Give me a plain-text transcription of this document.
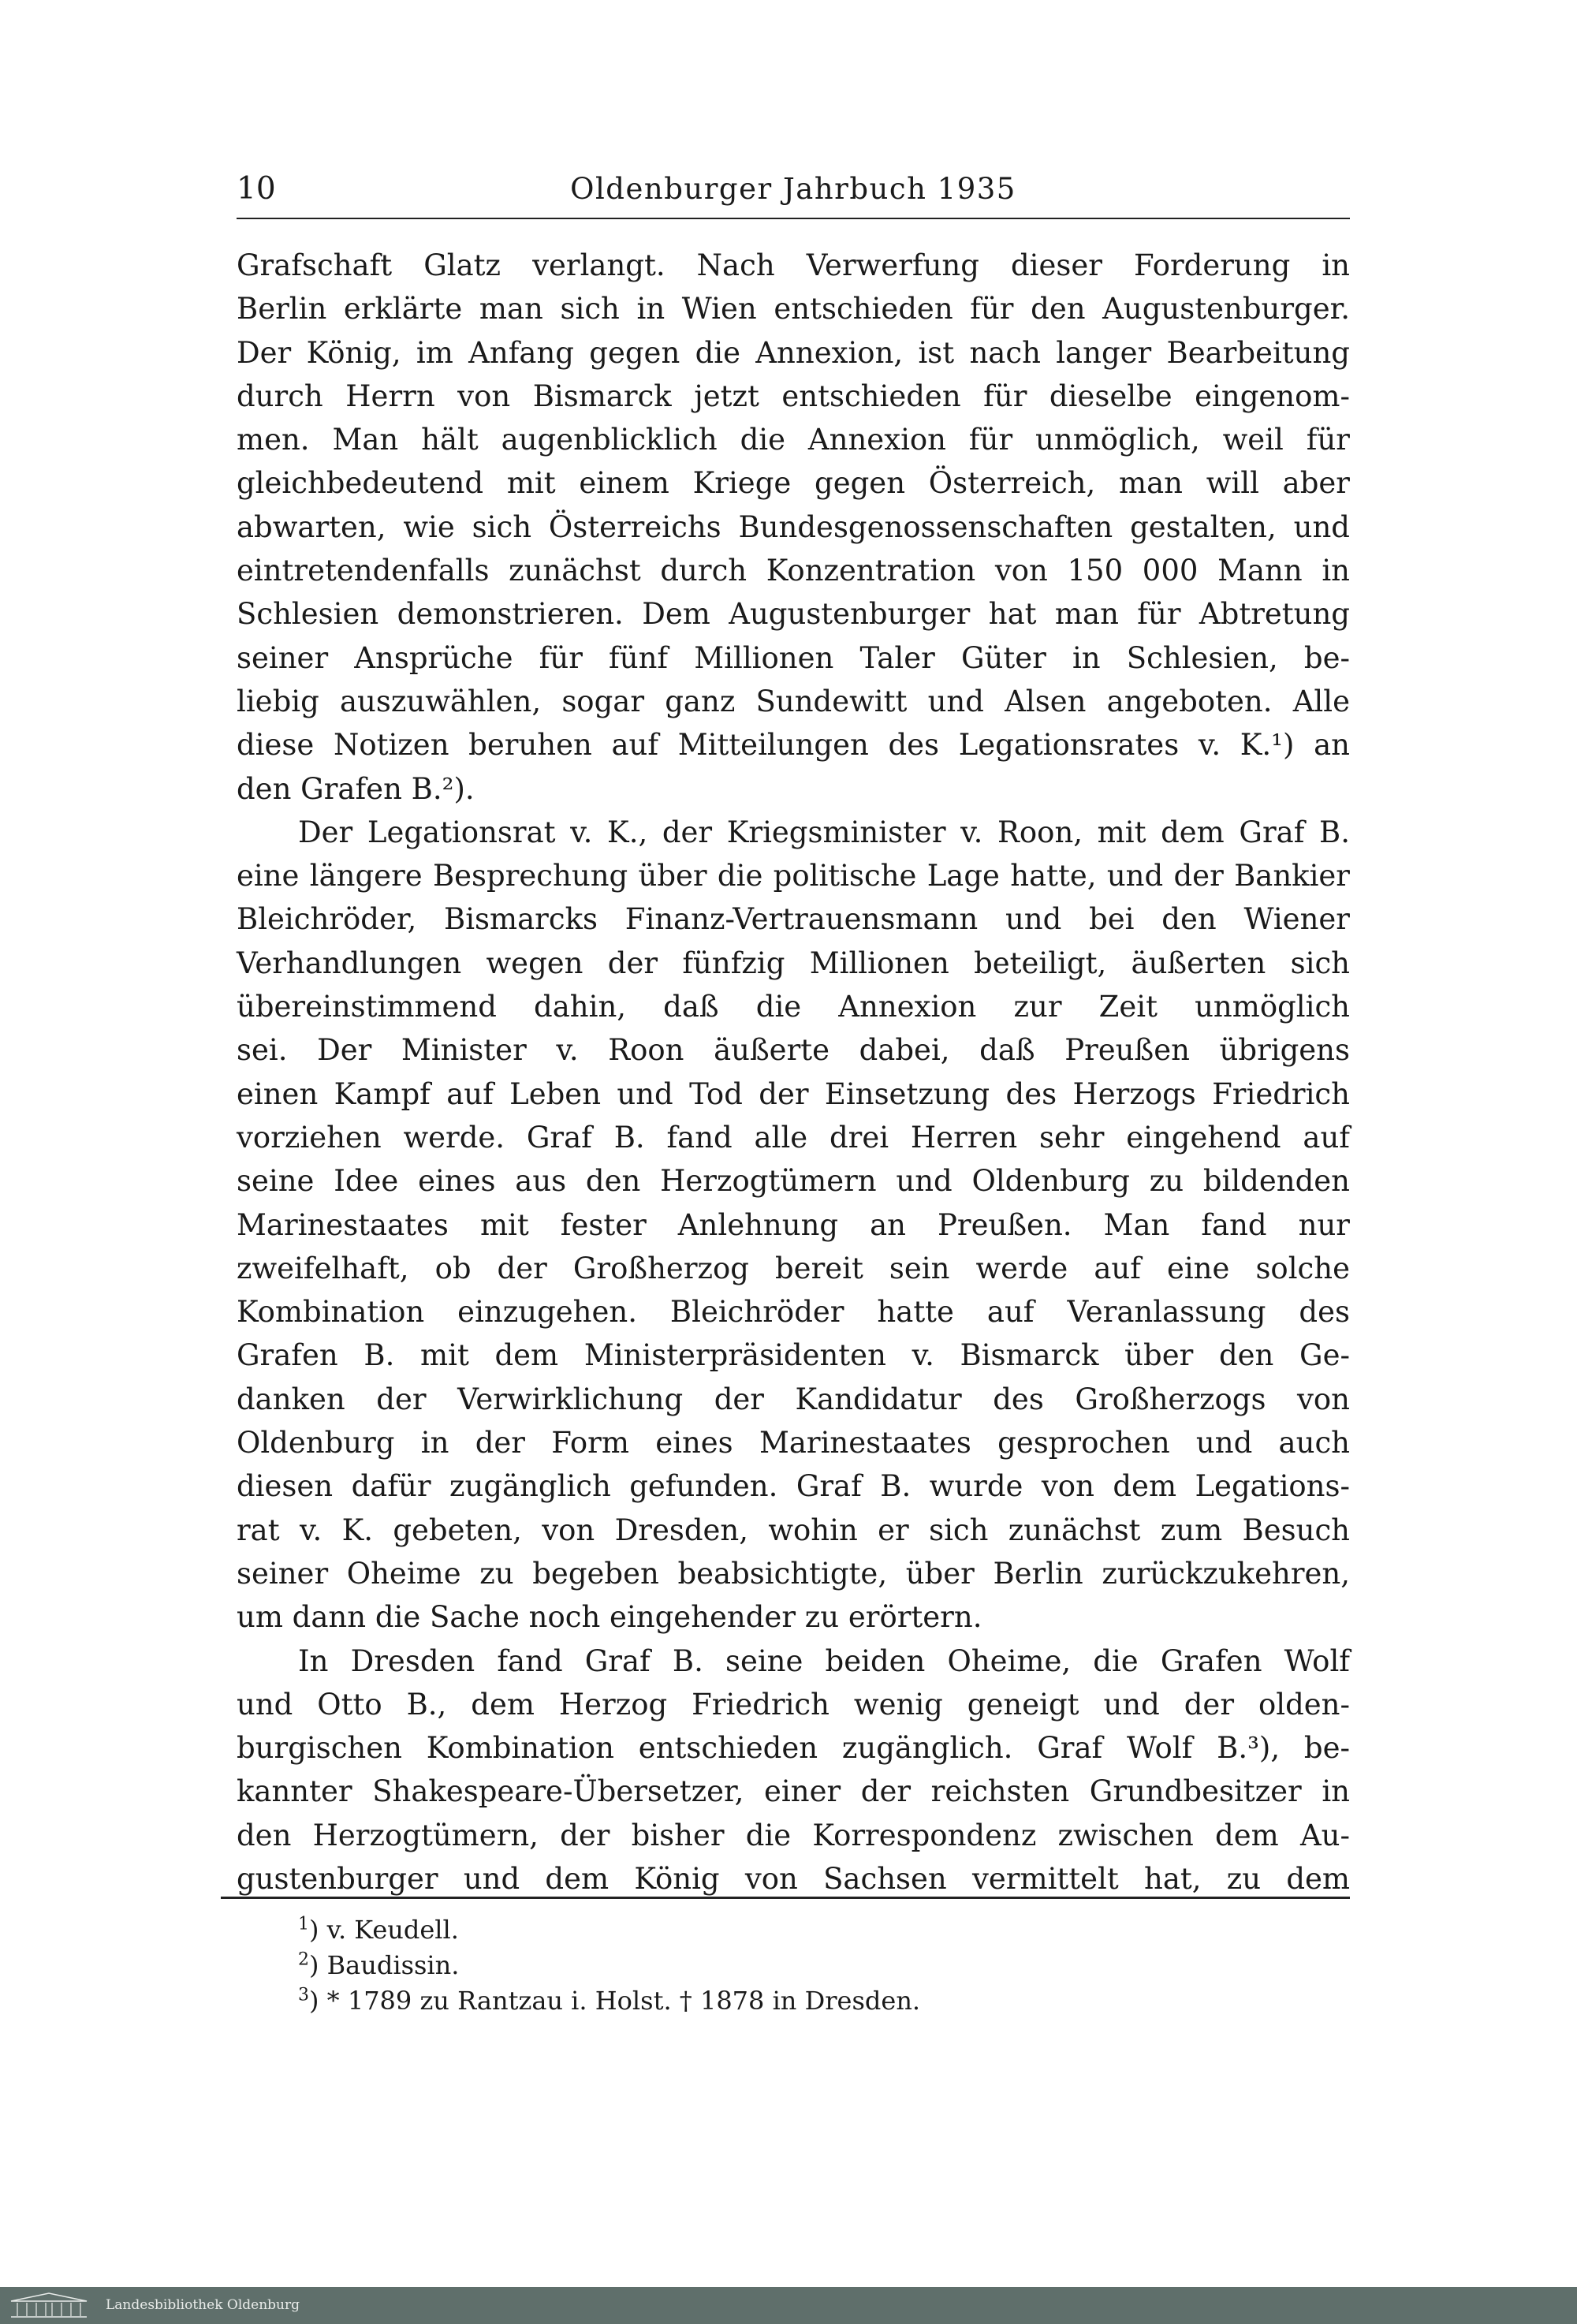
10	Oldenburger Jahrbuch 1935
Grafschaft Glatz verlangt. Nach Verwerfung dieser Forderung in
Berlin erklärte man sich in Wien entschieden für den Augustenburger.
Der König, im Anfang gegen die Annexion, ist nach langer Bearbeitung
durch Herrn von Bismarck jetzt entschieden für dieselbe eingenom-
men. Man hält augenblicklich die Annexion für unmöglich, weil für
gleichbedeutend mit einem Kriege gegen Österreich, man will aber
abwarten, wie sich Österreichs Bundesgenossenschaften gestalten, und
eintretendenfalls zunächst durch Konzentration von 150 000 Mann in
Schlesien demonstrieren. Dem Augustenburger hat man für Abtretung
seiner Ansprüche für fünf Millionen Taler Güter in Schlesien, be-
liebig auszuwählen, sogar ganz Sundewitt und Alsen angeboten. Alle
diese Notizen beruhen auf Mitteilungen des Legationsrates v. K.¹) an
den Grafen B.²).
Der Legationsrat v. K., der Kriegsminister v. Roon, mit dem Graf B.
eine längere Besprechung über die politische Lage hatte, und der Bankier
Bleichröder, Bismarcks Finanz-Vertrauensmann und bei den Wiener
Verhandlungen wegen der fünfzig Millionen beteiligt, äußerten sich
übereinstimmend dahin, daß die Annexion zur Zeit unmöglich
sei. Der Minister v. Roon äußerte dabei, daß Preußen übrigens
einen Kampf auf Leben und Tod der Einsetzung des Herzogs Friedrich
vorziehen werde. Graf B. fand alle drei Herren sehr eingehend auf
seine Idee eines aus den Herzogtümern und Oldenburg zu bildenden
Marinestaates mit fester Anlehnung an Preußen. Man fand nur
zweifelhaft, ob der Großherzog bereit sein werde auf eine solche
Kombination einzugehen. Bleichröder hatte auf Veranlassung des
Grafen B. mit dem Ministerpräsidenten v. Bismarck über den Ge-
danken der Verwirklichung der Kandidatur des Großherzogs von
Oldenburg in der Form eines Marinestaates gesprochen und auch
diesen dafür zugänglich gefunden. Graf B. wurde von dem Legations-
rat v. K. gebeten, von Dresden, wohin er sich zunächst zum Besuch
seiner Oheime zu begeben beabsichtigte, über Berlin zurückzukehren,
um dann die Sache noch eingehender zu erörtern.
In Dresden fand Graf B. seine beiden Oheime, die Grafen Wolf
und Otto B., dem Herzog Friedrich wenig geneigt und der olden-
burgischen Kombination entschieden zugänglich. Graf Wolf B.³), be-
kannter Shakespeare-Übersetzer, einer der reichsten Grundbesitzer in
den Herzogtümern, der bisher die Korrespondenz zwischen dem Au-
gustenburger und dem König von Sachsen vermittelt hat, zu dem
$^1$) v. Keudell.
$^2$) Baudissin.
$^3$) * 1789 zu Rantzau i. Holst. † 1878 in Dresden.
Landesbibliothek Oldenburg
